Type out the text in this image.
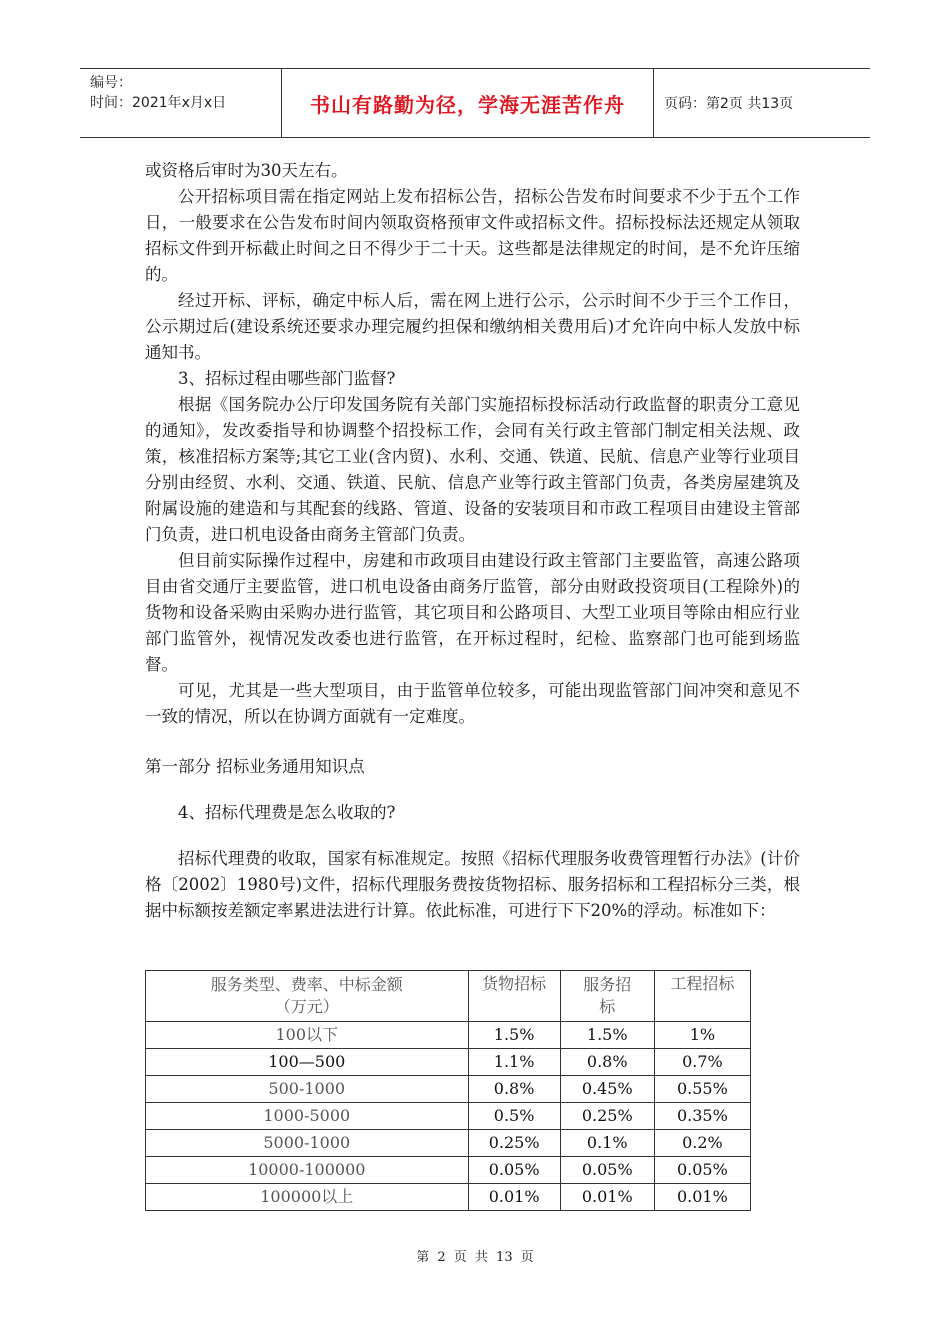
编号：
时间：2021年x月x日	书山有路勤为径，学海无涯苦作舟	页码：第2页 共13页

或资格后审时为30天左右。

公开招标项目需在指定网站上发布招标公告，招标公告发布时间要求不少于五个工作日，一般要求在公告发布时间内领取资格预审文件或招标文件。招标投标法还规定从领取招标文件到开标截止时间之日不得少于二十天。这些都是法律规定的时间，是不允许压缩的。

经过开标、评标，确定中标人后，需在网上进行公示，公示时间不少于三个工作日，公示期过后(建设系统还要求办理完履约担保和缴纳相关费用后)才允许向中标人发放中标通知书。

3、招标过程由哪些部门监督?

根据《国务院办公厅印发国务院有关部门实施招标投标活动行政监督的职责分工意见的通知》，发改委指导和协调整个招投标工作，会同有关行政主管部门制定相关法规、政策，核准招标方案等;其它工业(含内贸)、水利、交通、铁道、民航、信息产业等行业项目分别由经贸、水利、交通、铁道、民航、信息产业等行政主管部门负责，各类房屋建筑及附属设施的建造和与其配套的线路、管道、设备的安装项目和市政工程项目由建设主管部门负责，进口机电设备由商务主管部门负责。

但目前实际操作过程中，房建和市政项目由建设行政主管部门主要监管，高速公路项目由省交通厅主要监管，进口机电设备由商务厅监管，部分由财政投资项目(工程除外)的货物和设备采购由采购办进行监管，其它项目和公路项目、大型工业项目等除由相应行业部门监管外，视情况发改委也进行监管，在开标过程时，纪检、监察部门也可能到场监督。

可见，尤其是一些大型项目，由于监管单位较多，可能出现监管部门间冲突和意见不一致的情况，所以在协调方面就有一定难度。

第一部分 招标业务通用知识点

4、招标代理费是怎么收取的?

招标代理费的收取，国家有标准规定。按照《招标代理服务收费管理暂行办法》(计价格〔2002〕1980号)文件，招标代理服务费按货物招标、服务招标和工程招标分三类，根据中标额按差额定率累进法进行计算。依此标准，可进行下下20%的浮动。标准如下：

服务类型、费率、中标金额（万元）	货物招标	服务招标	工程招标
100以下	1.5%	1.5%	1%
100—500	1.1%	0.8%	0.7%
500-1000	0.8%	0.45%	0.55%
1000-5000	0.5%	0.25%	0.35%
5000-1000	0.25%	0.1%	0.2%
10000-100000	0.05%	0.05%	0.05%
100000以上	0.01%	0.01%	0.01%
第 2 页 共 13 页
